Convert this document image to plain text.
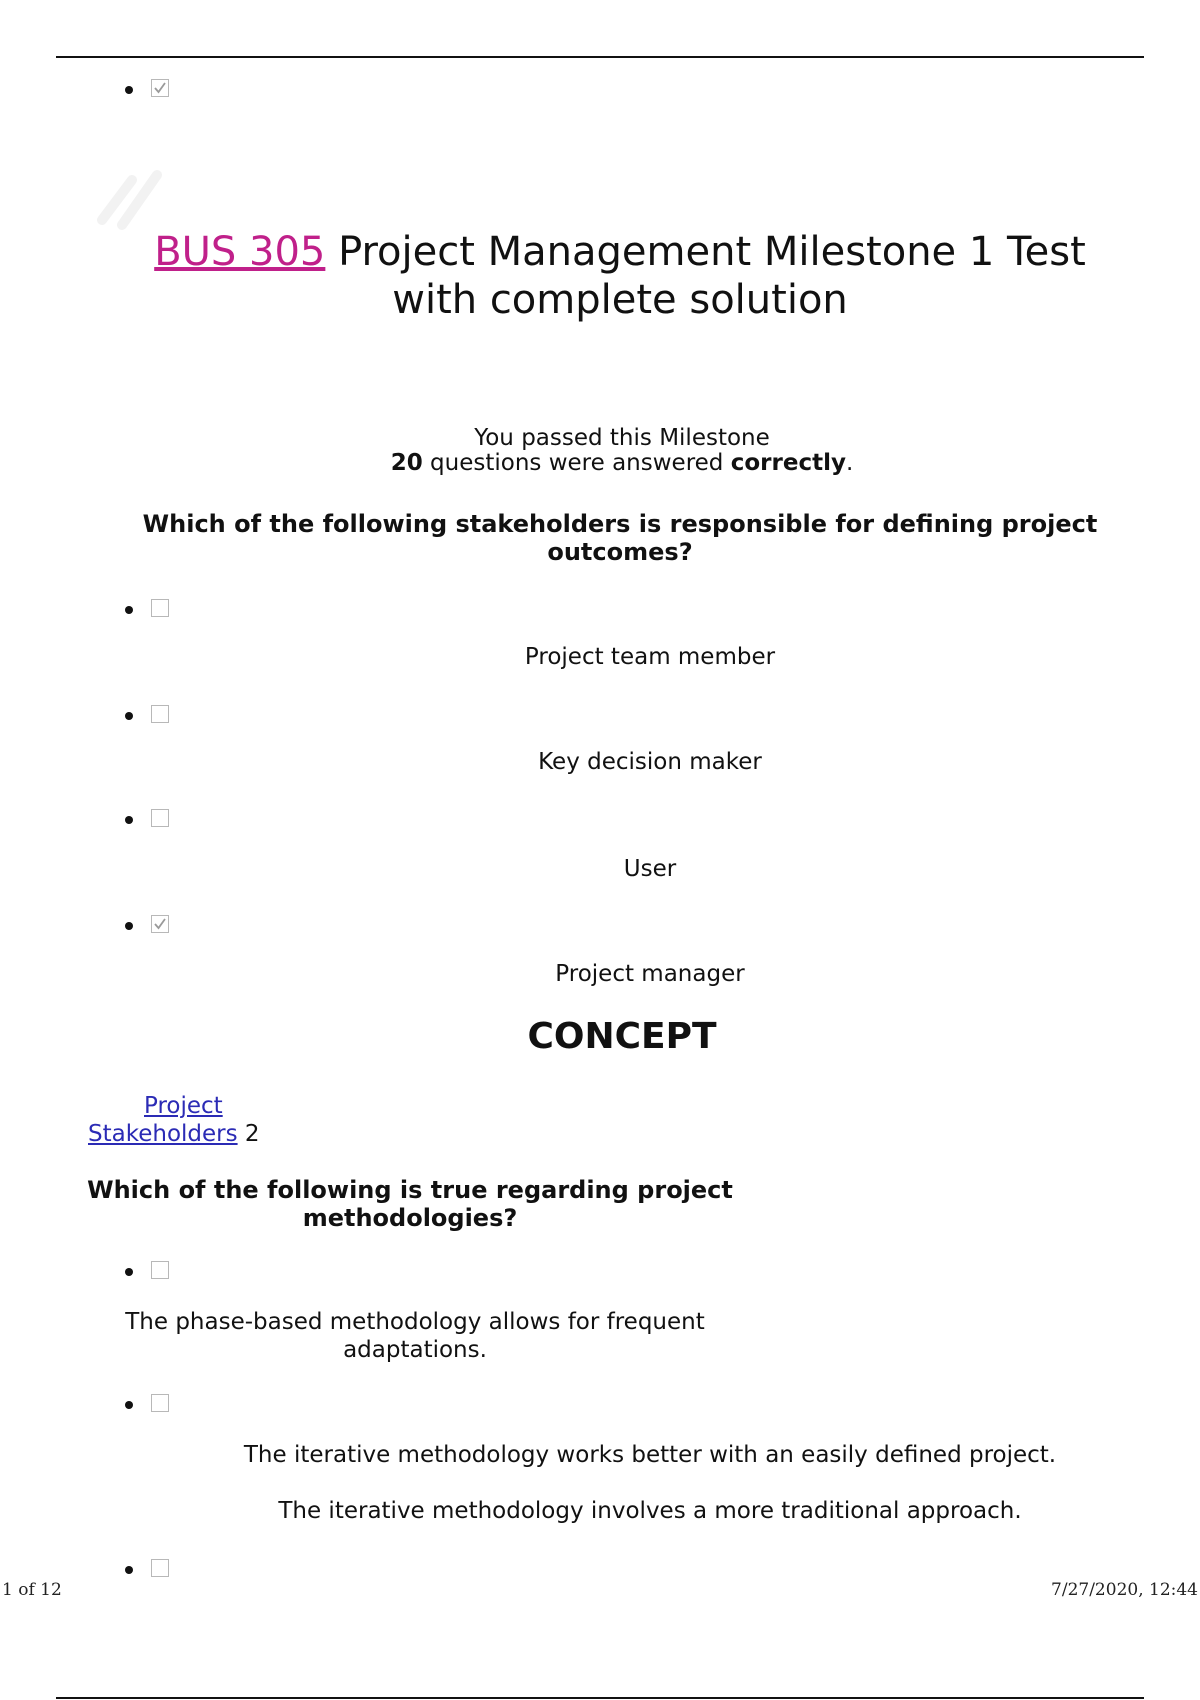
BUS 305 Project Management Milestone 1 Test
with complete solution
You passed this Milestone
20 questions were answered correctly.
Which of the following stakeholders is responsible for defining project outcomes?
Project team member
Key decision maker
User
Project manager
CONCEPT
Project
Stakeholders 2
Which of the following is true regarding project methodologies?
The phase-based methodology allows for frequent adaptations.
The iterative methodology works better with an easily defined project.
The iterative methodology involves a more traditional approach.
1 of 12	7/27/2020, 12:44
